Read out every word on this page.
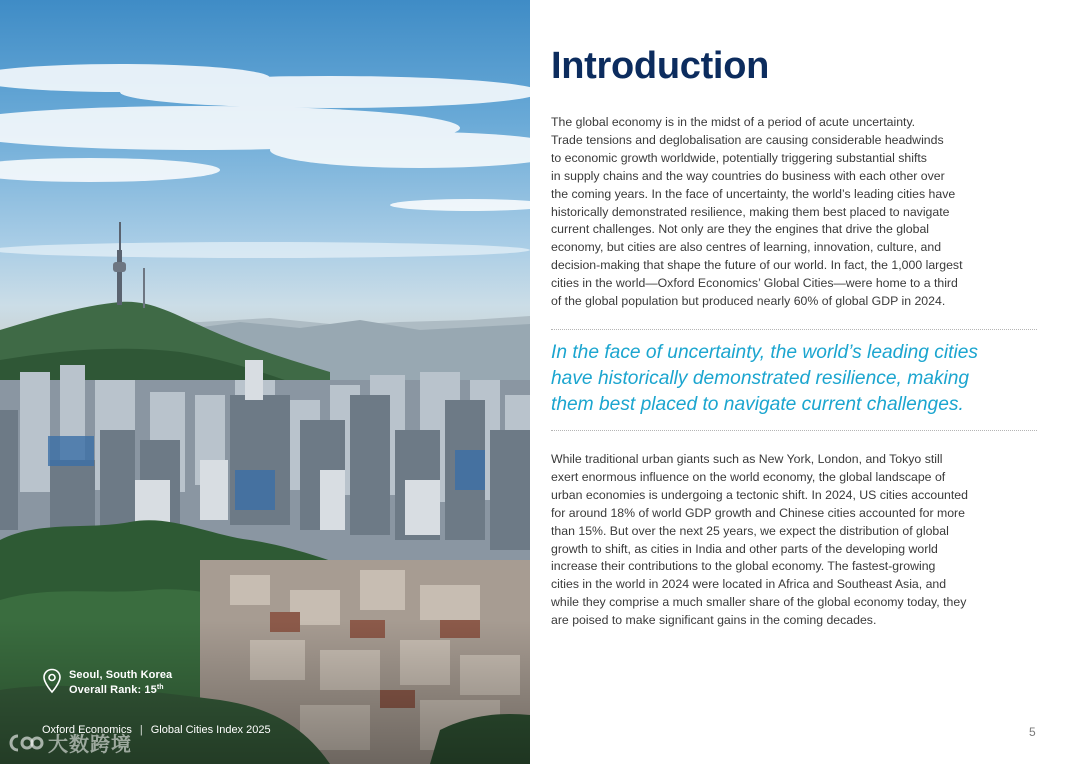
Seoul, South Korea
Overall Rank: 15th
Oxford Economics | Global Cities Index 2025
大数跨境
Introduction

The global economy is in the midst of a period of acute uncertainty.
Trade tensions and deglobalisation are causing considerable headwinds
to economic growth worldwide, potentially triggering substantial shifts
in supply chains and the way countries do business with each other over
the coming years. In the face of uncertainty, the world’s leading cities have
historically demonstrated resilience, making them best placed to navigate
current challenges. Not only are they the engines that drive the global
economy, but cities are also centres of learning, innovation, culture, and
decision-making that shape the future of our world. In fact, the 1,000 largest
cities in the world—Oxford Economics’ Global Cities—were home to a third
of the global population but produced nearly 60% of global GDP in 2024.

In the face of uncertainty, the world’s leading cities
have historically demonstrated resilience, making
them best placed to navigate current challenges.

While traditional urban giants such as New York, London, and Tokyo still
exert enormous influence on the world economy, the global landscape of
urban economies is undergoing a tectonic shift. In 2024, US cities accounted
for around 18% of world GDP growth and Chinese cities accounted for more
than 15%. But over the next 25 years, we expect the distribution of global
growth to shift, as cities in India and other parts of the developing world
increase their contributions to the global economy. The fastest-growing
cities in the world in 2024 were located in Africa and Southeast Asia, and
while they comprise a much smaller share of the global economy today, they
are poised to make significant gains in the coming decades.

5
